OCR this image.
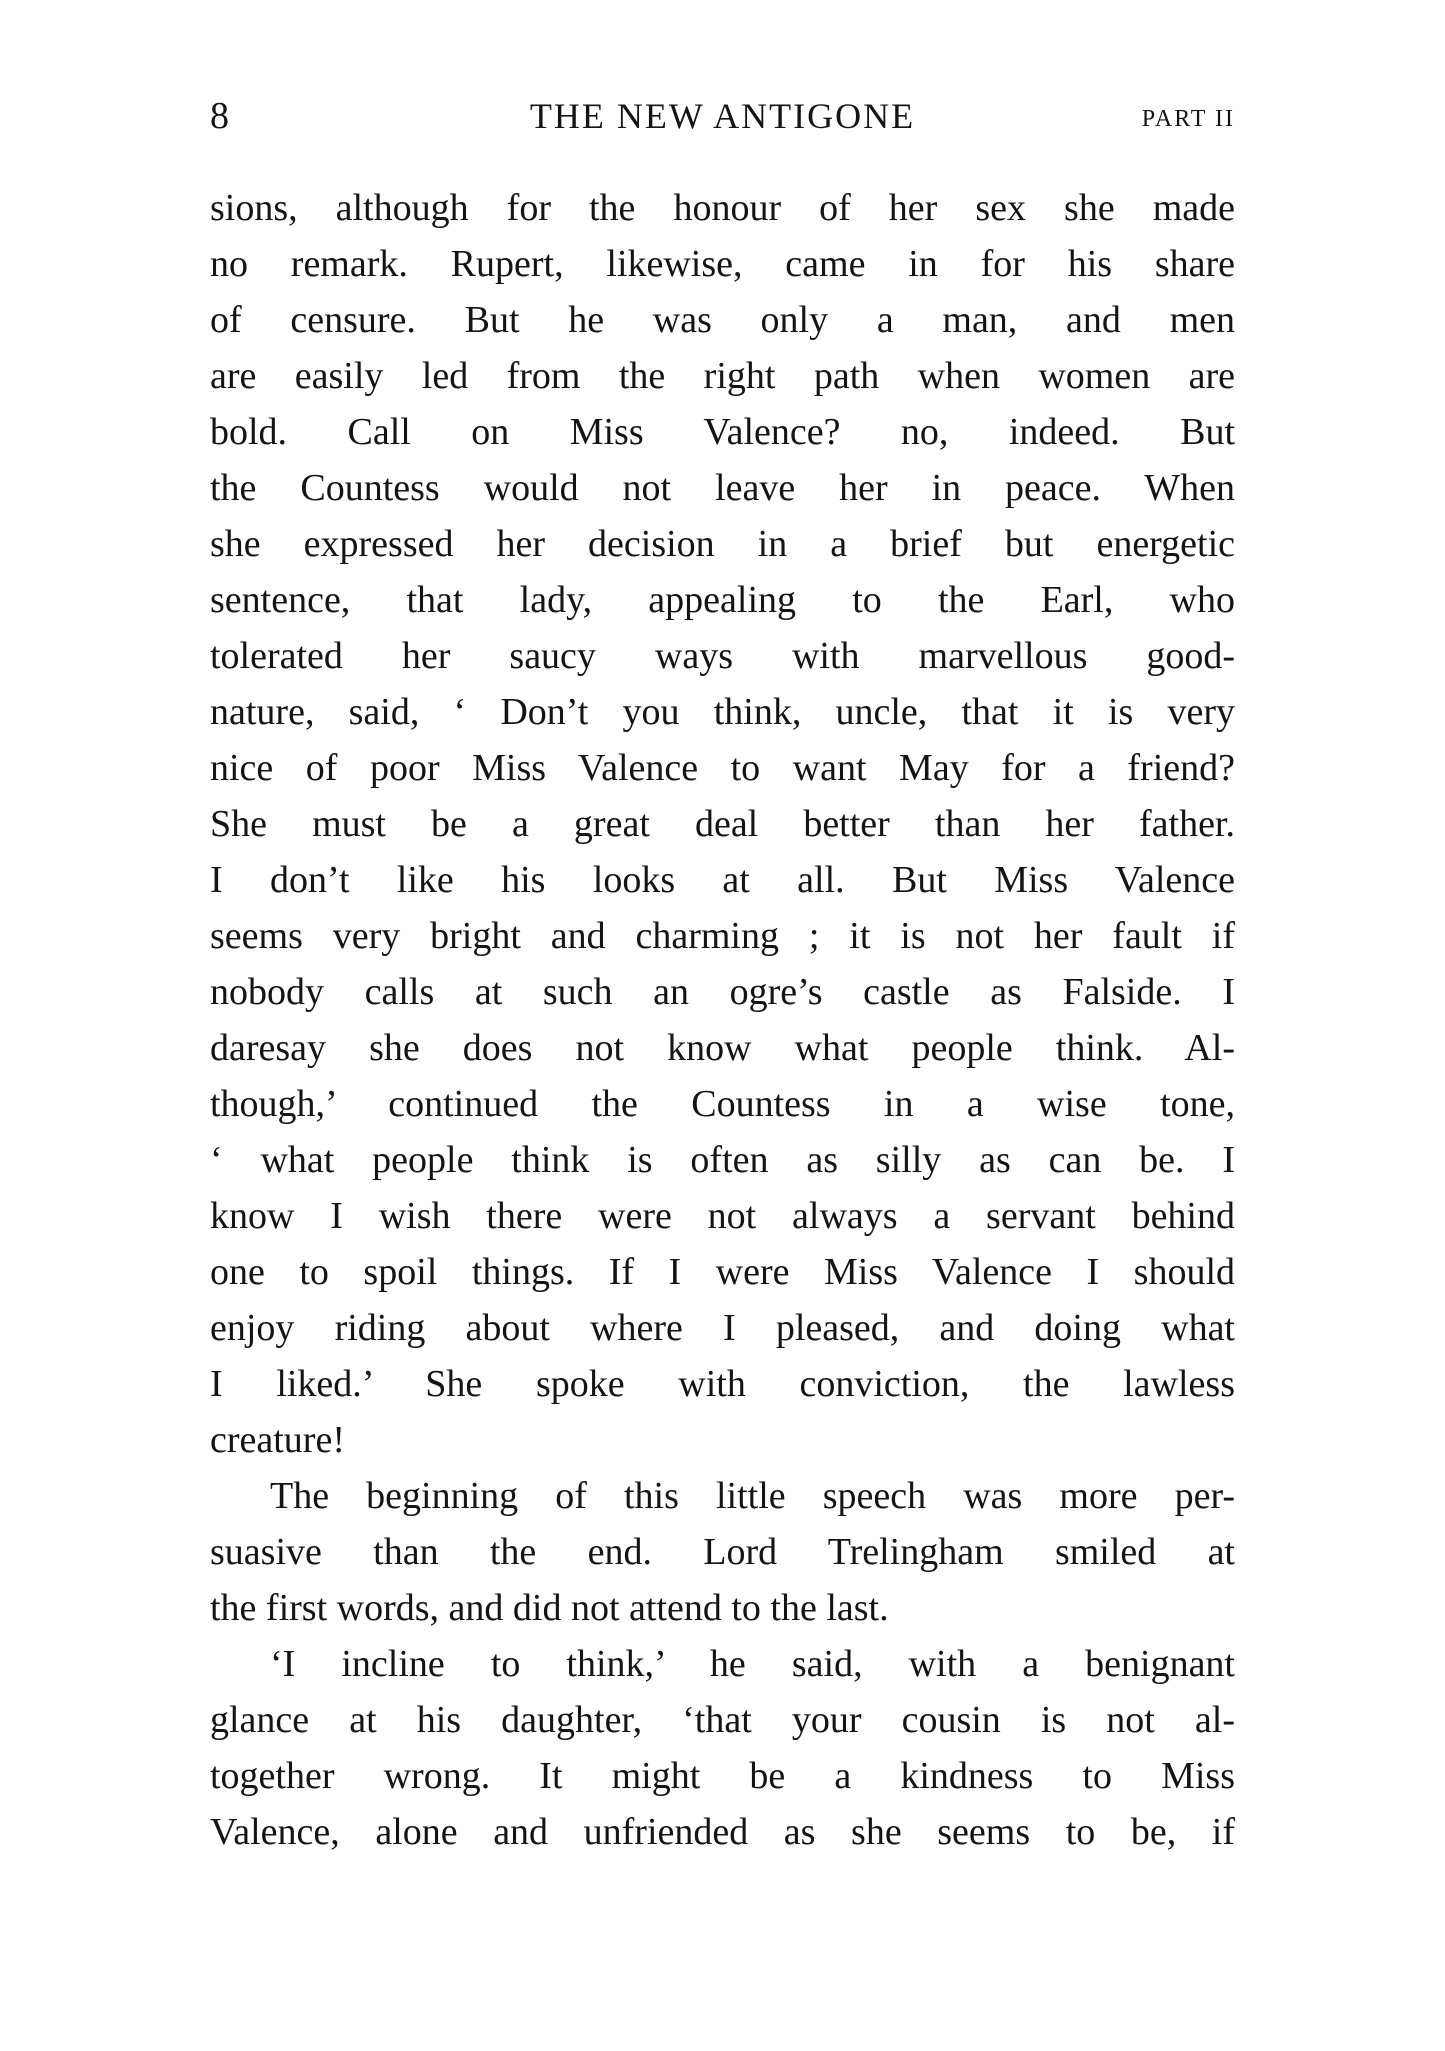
8	THE NEW ANTIGONE	PART II
sions, although for the honour of her sex she made
no remark. Rupert, likewise, came in for his share
of censure. But he was only a man, and men
are easily led from the right path when women are
bold. Call on Miss Valence? no, indeed. But
the Countess would not leave her in peace. When
she expressed her decision in a brief but energetic
sentence, that lady, appealing to the Earl, who
tolerated her saucy ways with marvellous good-
nature, said, ‘ Don’t you think, uncle, that it is very
nice of poor Miss Valence to want May for a friend?
She must be a great deal better than her father.
I don’t like his looks at all. But Miss Valence
seems very bright and charming ; it is not her fault if
nobody calls at such an ogre’s castle as Falside. I
daresay she does not know what people think. Al-
though,’ continued the Countess in a wise tone,
‘ what people think is often as silly as can be. I
know I wish there were not always a servant behind
one to spoil things. If I were Miss Valence I should
enjoy riding about where I pleased, and doing what
I liked.’ She spoke with conviction, the lawless
creature!
The beginning of this little speech was more per-
suasive than the end. Lord Trelingham smiled at
the first words, and did not attend to the last.
‘I incline to think,’ he said, with a benignant
glance at his daughter, ‘that your cousin is not al-
together wrong. It might be a kindness to Miss
Valence, alone and unfriended as she seems to be, if
